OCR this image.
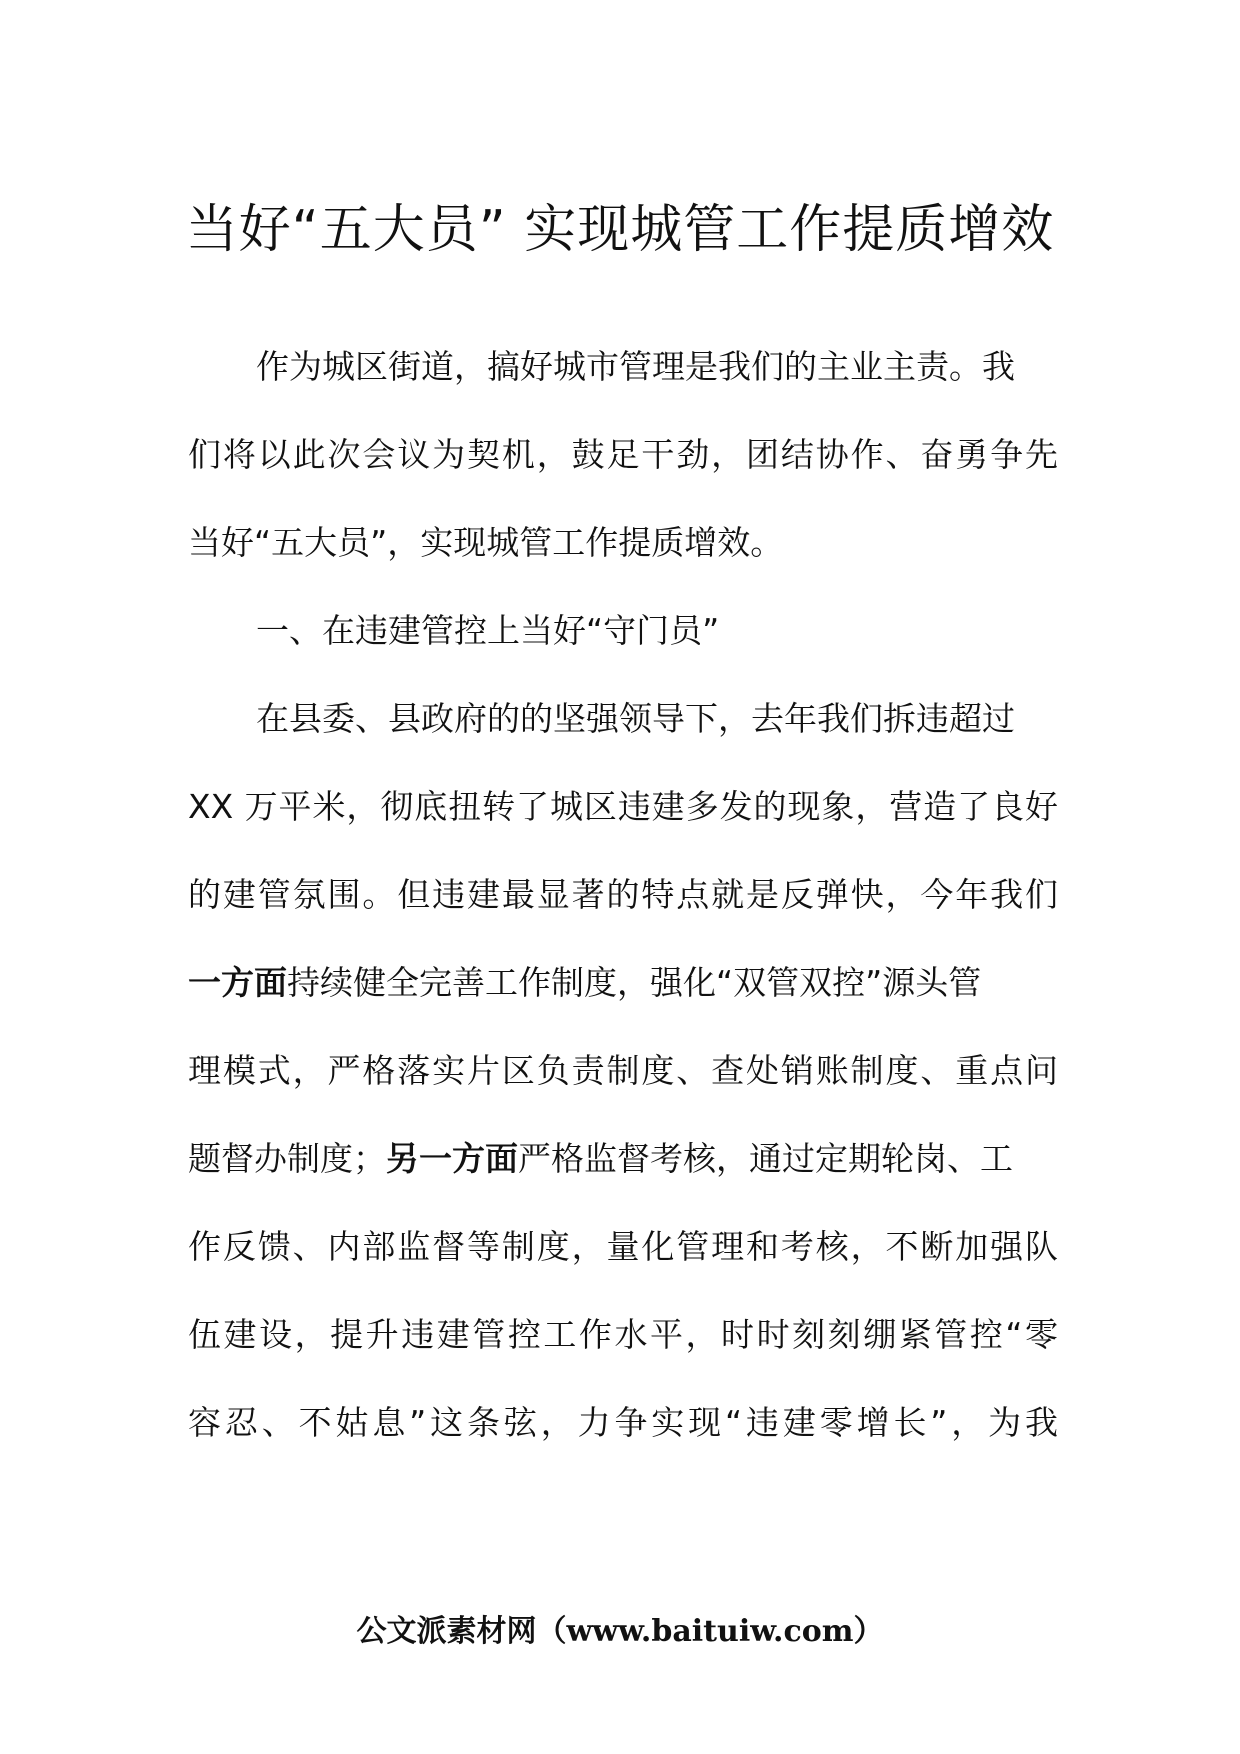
当好“五大员” 实现城管工作提质增效
作为城区街道，搞好城市管理是我们的主业主责。我
们将以此次会议为契机，鼓足干劲，团结协作、奋勇争先
当好“五大员”，实现城管工作提质增效。
一、在违建管控上当好“守门员”
在县委、县政府的的坚强领导下，去年我们拆违超过
XX 万平米，彻底扭转了城区违建多发的现象，营造了良好
的建管氛围。但违建最显著的特点就是反弹快，今年我们
一方面持续健全完善工作制度，强化“双管双控”源头管
理模式，严格落实片区负责制度、查处销账制度、重点问
题督办制度；另一方面严格监督考核，通过定期轮岗、工
作反馈、内部监督等制度，量化管理和考核，不断加强队
伍建设，提升违建管控工作水平，时时刻刻绷紧管控“零
容忍、不姑息”这条弦，力争实现“违建零增长”，为我
公文派素材网（www.baituiw.com）
